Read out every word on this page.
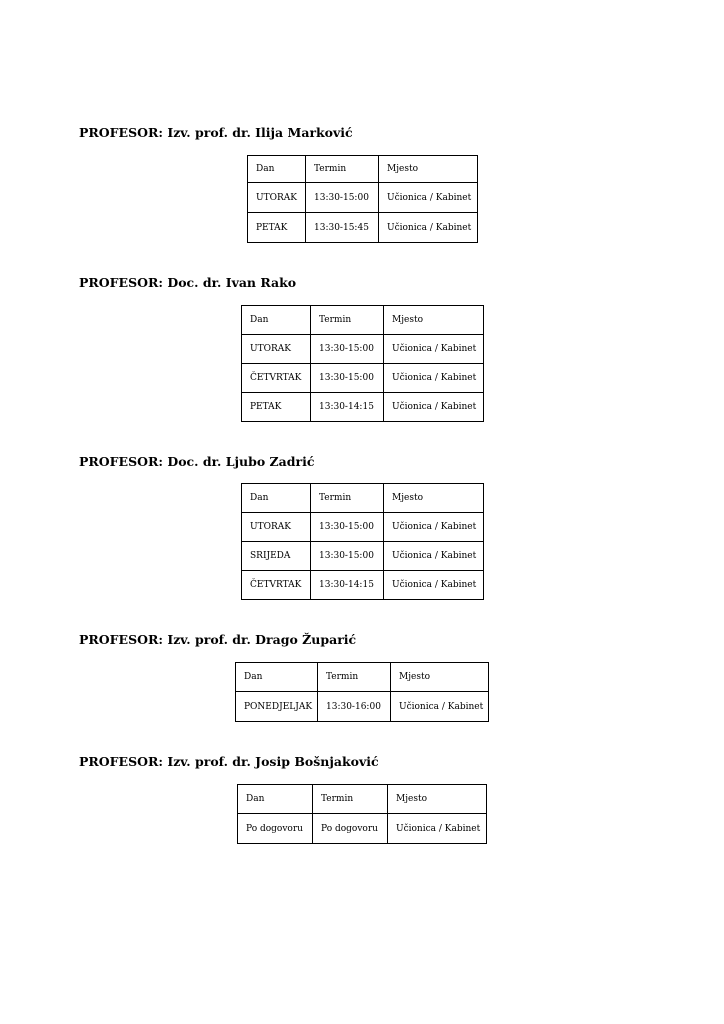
PROFESOR: Izv. prof. dr. Ilija Marković
Dan	Termin	Mjesto
UTORAK	13:30-15:00	Učionica / Kabinet
PETAK	13:30-15:45	Učionica / Kabinet
PROFESOR: Doc. dr. Ivan Rako
Dan	Termin	Mjesto
UTORAK	13:30-15:00	Učionica / Kabinet
ČETVRTAK	13:30-15:00	Učionica / Kabinet
PETAK	13:30-14:15	Učionica / Kabinet
PROFESOR: Doc. dr. Ljubo Zadrić
Dan	Termin	Mjesto
UTORAK	13:30-15:00	Učionica / Kabinet
SRIJEDA	13:30-15:00	Učionica / Kabinet
ČETVRTAK	13:30-14:15	Učionica / Kabinet
PROFESOR: Izv. prof. dr. Drago Župarić
Dan	Termin	Mjesto
PONEDJELJAK	13:30-16:00	Učionica / Kabinet
PROFESOR: Izv. prof. dr. Josip Bošnjaković
Dan	Termin	Mjesto
Po dogovoru	Po dogovoru	Učionica / Kabinet
